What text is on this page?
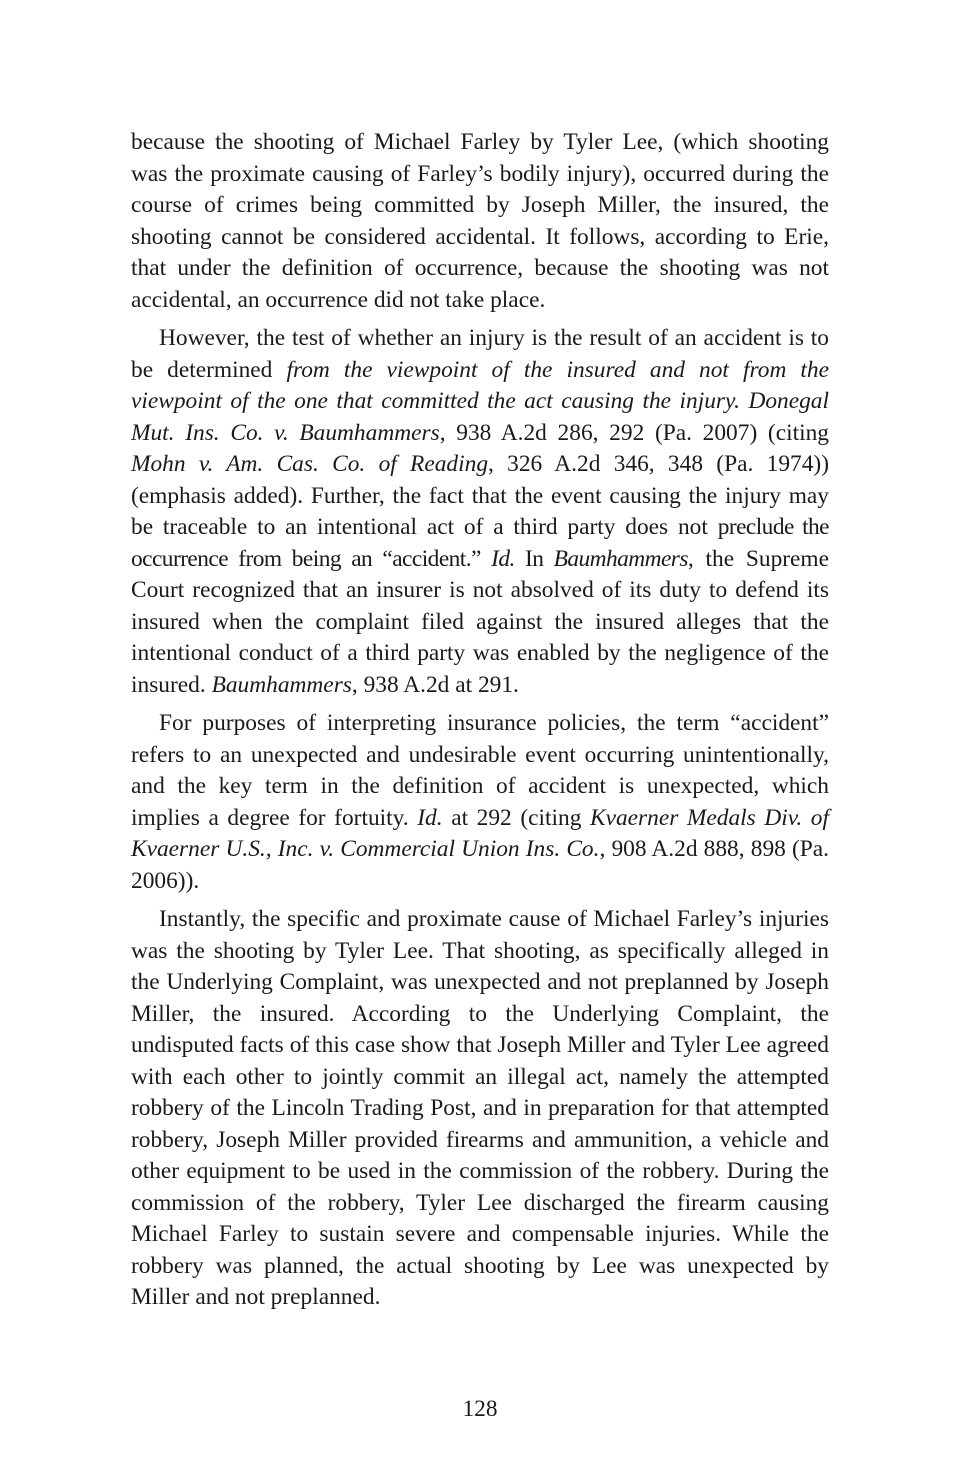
because the shooting of Michael Farley by Tyler Lee, (which shooting was the proximate causing of Farley’s bodily injury), occurred during the course of crimes being committed by Joseph Miller, the insured, the shooting cannot be considered accidental. It follows, according to Erie, that under the definition of occurrence, because the shooting was not accidental, an occurrence did not take place.

However, the test of whether an injury is the result of an accident is to be determined from the viewpoint of the insured and not from the viewpoint of the one that committed the act causing the injury. Donegal Mut. Ins. Co. v. Baumhammers, 938 A.2d 286, 292 (Pa. 2007) (citing Mohn v. Am. Cas. Co. of Reading, 326 A.2d 346, 348 (Pa. 1974)) (emphasis added). Further, the fact that the event causing the injury may be traceable to an intentional act of a third party does not preclude the occurrence from being an “accident.” Id. In Baumhammers, the Supreme Court recognized that an insurer is not absolved of its duty to defend its insured when the complaint filed against the insured alleges that the intentional conduct of a third party was enabled by the negligence of the insured. Baumhammers, 938 A.2d at 291.

For purposes of interpreting insurance policies, the term “accident” refers to an unexpected and undesirable event occurring unintentionally, and the key term in the definition of accident is unexpected, which implies a degree for fortuity. Id. at 292 (citing Kvaerner Medals Div. of Kvaerner U.S., Inc. v. Commercial Union Ins. Co., 908 A.2d 888, 898 (Pa. 2006)).

Instantly, the specific and proximate cause of Michael Farley’s injuries was the shooting by Tyler Lee. That shooting, as specifically alleged in the Underlying Complaint, was unexpected and not preplanned by Joseph Miller, the insured. According to the Underlying Complaint, the undisputed facts of this case show that Joseph Miller and Tyler Lee agreed with each other to jointly commit an illegal act, namely the attempted robbery of the Lincoln Trading Post, and in preparation for that attempted robbery, Joseph Miller provided firearms and ammunition, a vehicle and other equipment to be used in the commission of the robbery. During the commission of the robbery, Tyler Lee discharged the firearm causing Michael Farley to sustain severe and compensable injuries. While the robbery was planned, the actual shooting by Lee was unexpected by Miller and not preplanned.

128
